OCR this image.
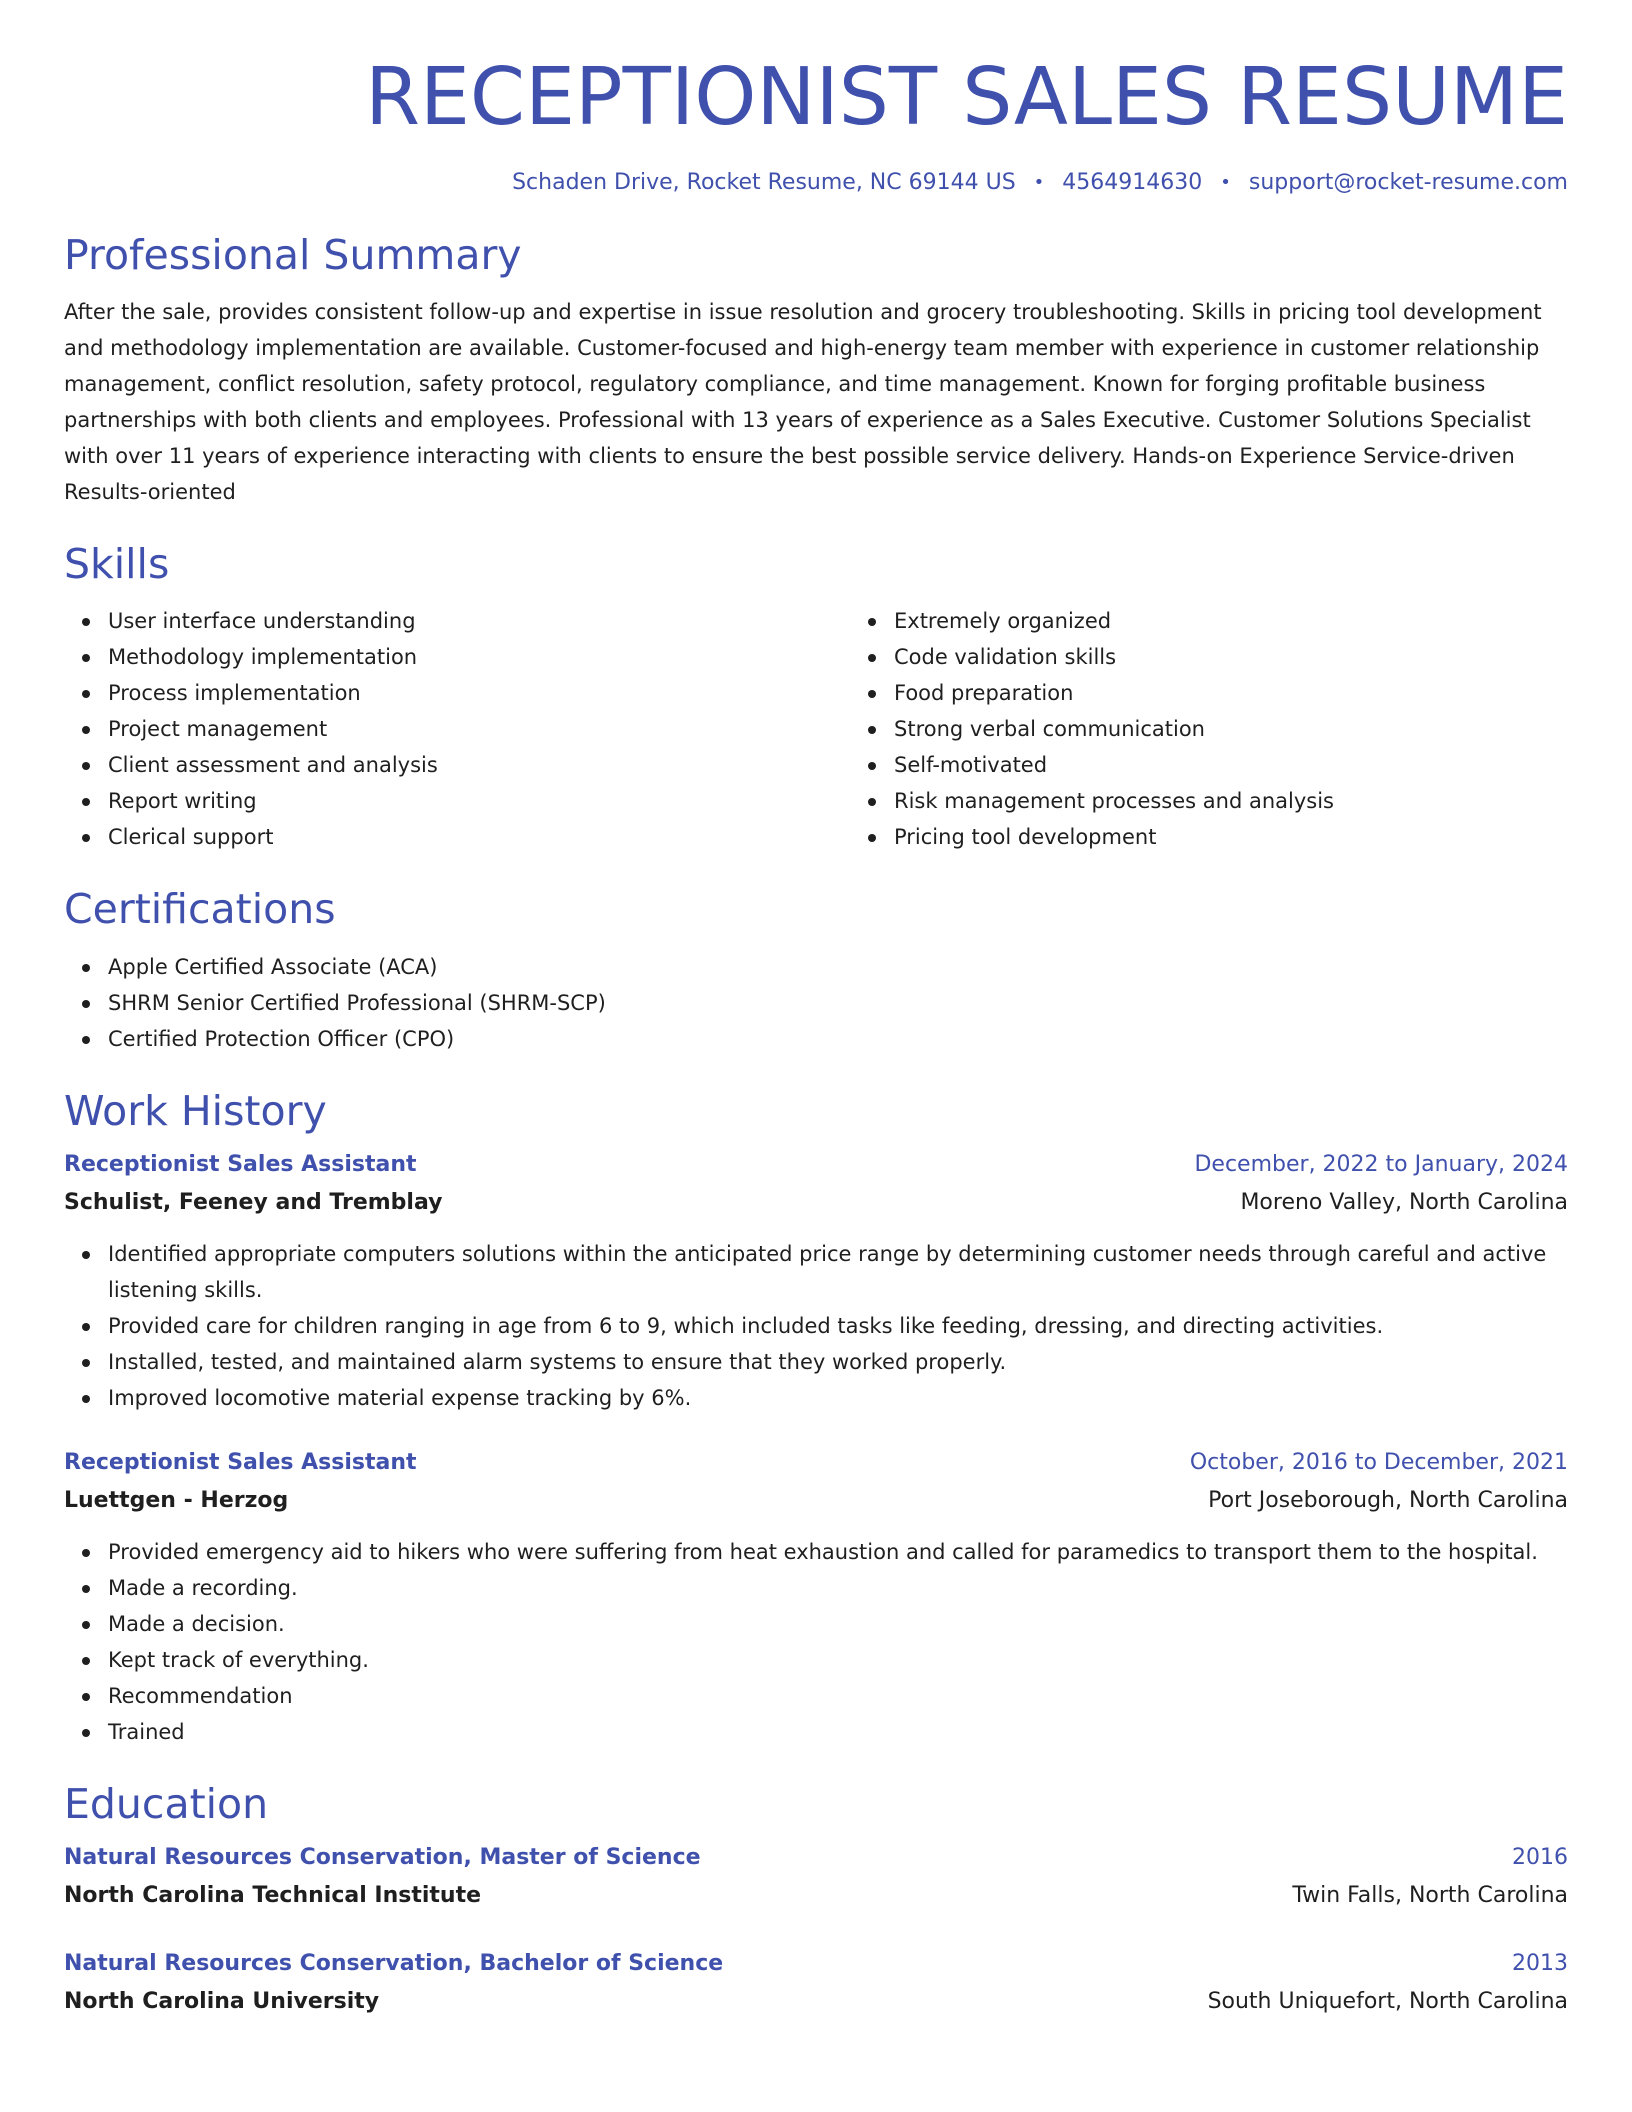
RECEPTIONIST SALES RESUME
Schaden Drive, Rocket Resume, NC 69144 US • 4564914630 • support@rocket-resume.com
Professional Summary

After the sale, provides consistent follow-up and expertise in issue resolution and grocery troubleshooting. Skills in pricing tool development and methodology implementation are available. Customer-focused and high-energy team member with experience in customer relationship management, conflict resolution, safety protocol, regulatory compliance, and time management. Known for forging profitable business partnerships with both clients and employees. Professional with 13 years of experience as a Sales Executive. Customer Solutions Specialist with over 11 years of experience interacting with clients to ensure the best possible service delivery. Hands-on Experience Service-driven Results-oriented

Skills
User interface understanding
Methodology implementation
Process implementation
Project management
Client assessment and analysis
Report writing
Clerical support
Extremely organized
Code validation skills
Food preparation
Strong verbal communication
Self-motivated
Risk management processes and analysis
Pricing tool development
Certifications
Apple Certified Associate (ACA)
SHRM Senior Certified Professional (SHRM-SCP)
Certified Protection Officer (CPO)
Work History
Receptionist Sales Assistant	December, 2022 to January, 2024
Schulist, Feeney and Tremblay	Moreno Valley, North Carolina
Identified appropriate computers solutions within the anticipated price range by determining customer needs through careful and active listening skills.
Provided care for children ranging in age from 6 to 9, which included tasks like feeding, dressing, and directing activities.
Installed, tested, and maintained alarm systems to ensure that they worked properly.
Improved locomotive material expense tracking by 6%.
Receptionist Sales Assistant	October, 2016 to December, 2021
Luettgen - Herzog	Port Joseborough, North Carolina
Provided emergency aid to hikers who were suffering from heat exhaustion and called for paramedics to transport them to the hospital.
Made a recording.
Made a decision.
Kept track of everything.
Recommendation
Trained
Education
Natural Resources Conservation, Master of Science	2016
North Carolina Technical Institute	Twin Falls, North Carolina
Natural Resources Conservation, Bachelor of Science	2013
North Carolina University	South Uniquefort, North Carolina
